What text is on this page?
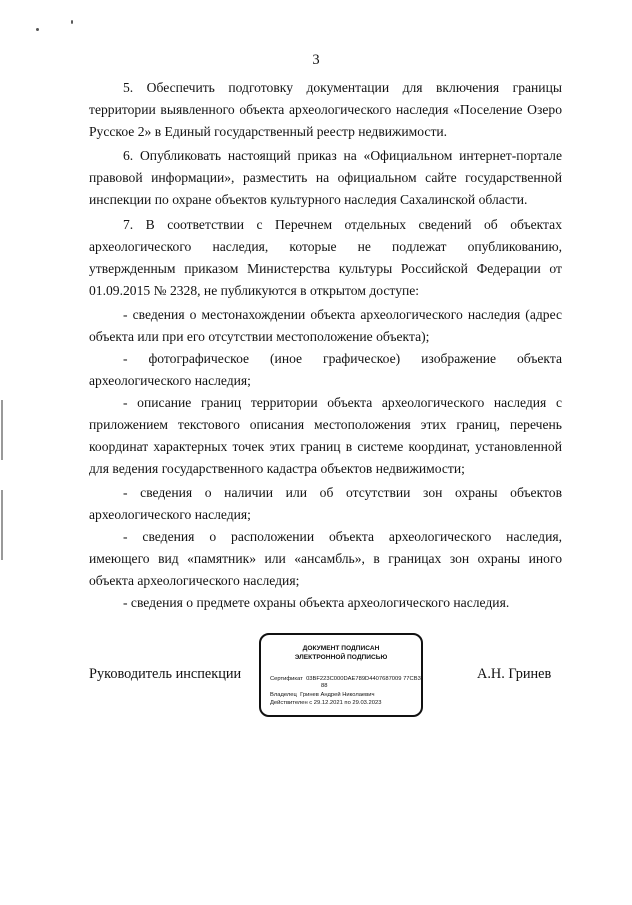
3
5. Обеспечить подготовку документации для включения границы
территории выявленного объекта археологического наследия «Поселение Озеро
Русское 2» в Единый государственный реестр недвижимости.
6. Опубликовать настоящий приказ на «Официальном интернет-портале
правовой информации», разместить на официальном сайте государственной
инспекции по охране объектов культурного наследия Сахалинской области.
7. В соответствии с Перечнем отдельных сведений об объектах
археологического наследия, которые не подлежат опубликованию,
утвержденным приказом Министерства культуры Российской Федерации от
01.09.2015 № 2328, не публикуются в открытом доступе:
- сведения о местонахождении объекта археологического наследия (адрес
объекта или при его отсутствии местоположение объекта);
- фотографическое (иное графическое) изображение объекта
археологического наследия;
- описание границ территории объекта археологического наследия с
приложением текстового описания местоположения этих границ, перечень
координат характерных точек этих границ в системе координат, установленной
для ведения государственного кадастра объектов недвижимости;
- сведения о наличии или об отсутствии зон охраны объектов
археологического наследия;
- сведения о расположении объекта археологического наследия,
имеющего вид «памятник» или «ансамбль», в границах зон охраны иного
объекта археологического наследия;
- сведения о предмете охраны объекта археологического наследия.
Руководитель инспекции
ДОКУМЕНТ ПОДПИСАН
ЭЛЕКТРОННОЙ ПОДПИСЬЮ
Сертификат 03BF223C000DAE789D4407687009 77CB3
88
Владелец Гринев Андрей Николаевич
Действителен с 29.12.2021 по 29.03.2023
А.Н. Гринев
